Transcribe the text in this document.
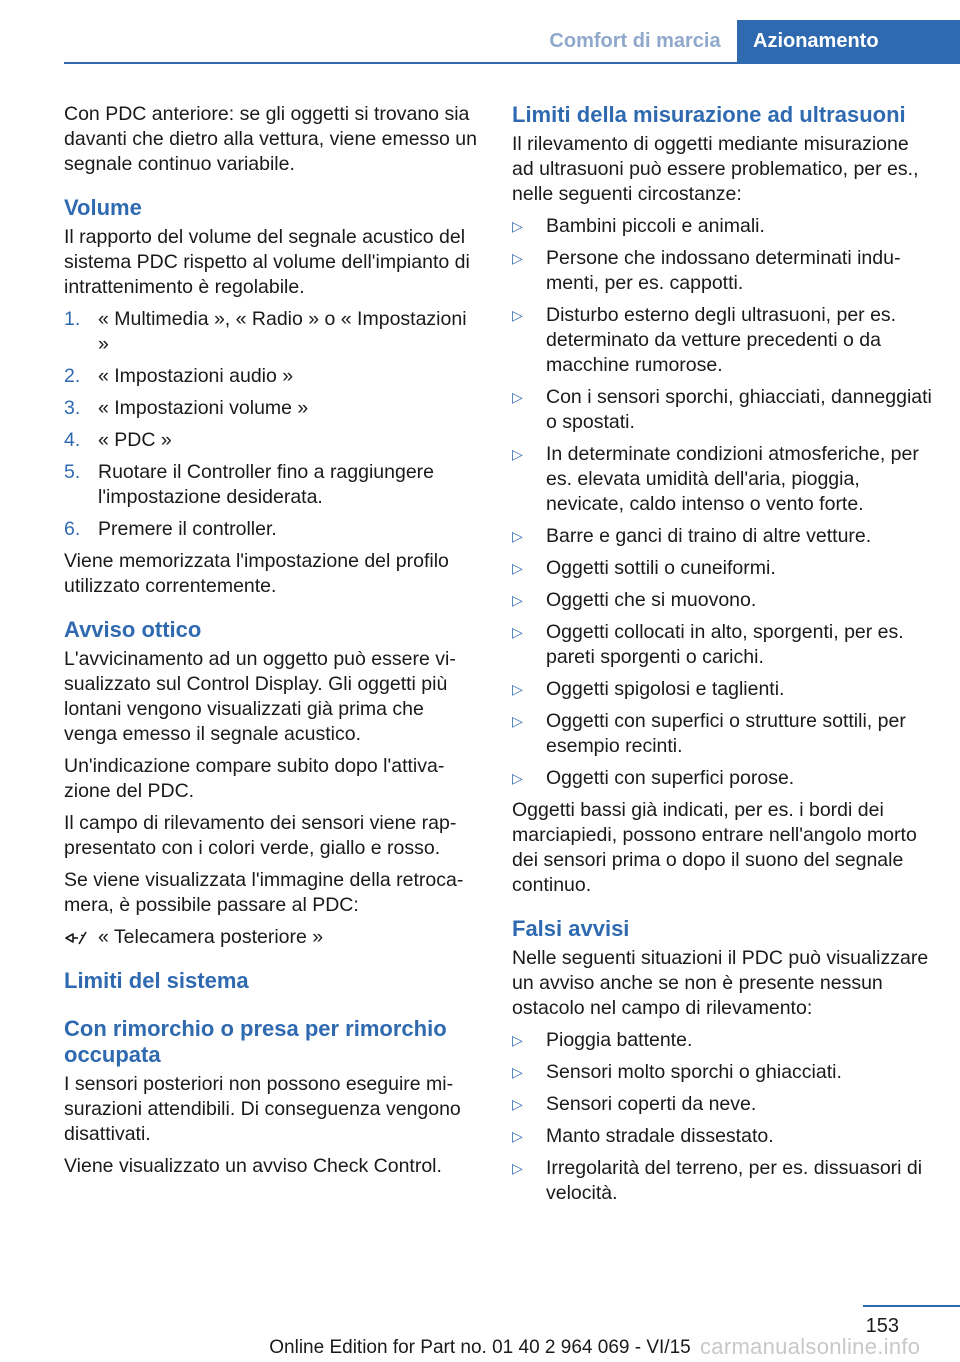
Comfort di marcia	Azionamento

Con PDC anteriore: se gli oggetti si trovano sia davanti che dietro alla vettura, viene emesso un segnale continuo variabile.

Volume

Il rapporto del volume del segnale acustico del sistema PDC rispetto al volume dell'impianto di intrattenimento è regolabile.

1. « Multimedia », « Radio » o « Impostazioni »
2. « Impostazioni audio »
3. « Impostazioni volume »
4. « PDC »
5. Ruotare il Controller fino a raggiungere l'impostazione desiderata.
6. Premere il controller.

Viene memorizzata l'impostazione del profilo utilizzato correntemente.

Avviso ottico

L'avvicinamento ad un oggetto può essere visualizzato sul Control Display. Gli oggetti più lontani vengono visualizzati già prima che venga emesso il segnale acustico.

Un'indicazione compare subito dopo l'attivazione del PDC.

Il campo di rilevamento dei sensori viene rappresentato con i colori verde, giallo e rosso.

Se viene visualizzata l'immagine della retrocamera, è possibile passare al PDC:

« Telecamera posteriore »
Limiti del sistema
Con rimorchio o presa per rimorchio occupata

I sensori posteriori non possono eseguire misurazioni attendibili. Di conseguenza vengono disattivati.

Viene visualizzato un avviso Check Control.

Limiti della misurazione ad ultrasuoni

Il rilevamento di oggetti mediante misurazione ad ultrasuoni può essere problematico, per es., nelle seguenti circostanze:

▷	Bambini piccoli e animali.
▷	Persone che indossano determinati indumenti, per es. cappotti.
▷	Disturbo esterno degli ultrasuoni, per es. determinato da vetture precedenti o da macchine rumorose.
▷	Con i sensori sporchi, ghiacciati, danneggiati o spostati.
▷	In determinate condizioni atmosferiche, per es. elevata umidità dell'aria, pioggia, nevicate, caldo intenso o vento forte.
▷	Barre e ganci di traino di altre vetture.
▷	Oggetti sottili o cuneiformi.
▷	Oggetti che si muovono.
▷	Oggetti collocati in alto, sporgenti, per es. pareti sporgenti o carichi.
▷	Oggetti spigolosi e taglienti.
▷	Oggetti con superfici o strutture sottili, per esempio recinti.
▷	Oggetti con superfici porose.

Oggetti bassi già indicati, per es. i bordi dei marciapiedi, possono entrare nell'angolo morto dei sensori prima o dopo il suono del segnale continuo.

Falsi avvisi

Nelle seguenti situazioni il PDC può visualizzare un avviso anche se non è presente nessun ostacolo nel campo di rilevamento:

▷	Pioggia battente.
▷	Sensori molto sporchi o ghiacciati.
▷	Sensori coperti da neve.
▷	Manto stradale dissestato.
▷	Irregolarità del terreno, per es. dissuasori di velocità.
153
Online Edition for Part no. 01 40 2 964 069 - VI/15 carmanualsonline.info
